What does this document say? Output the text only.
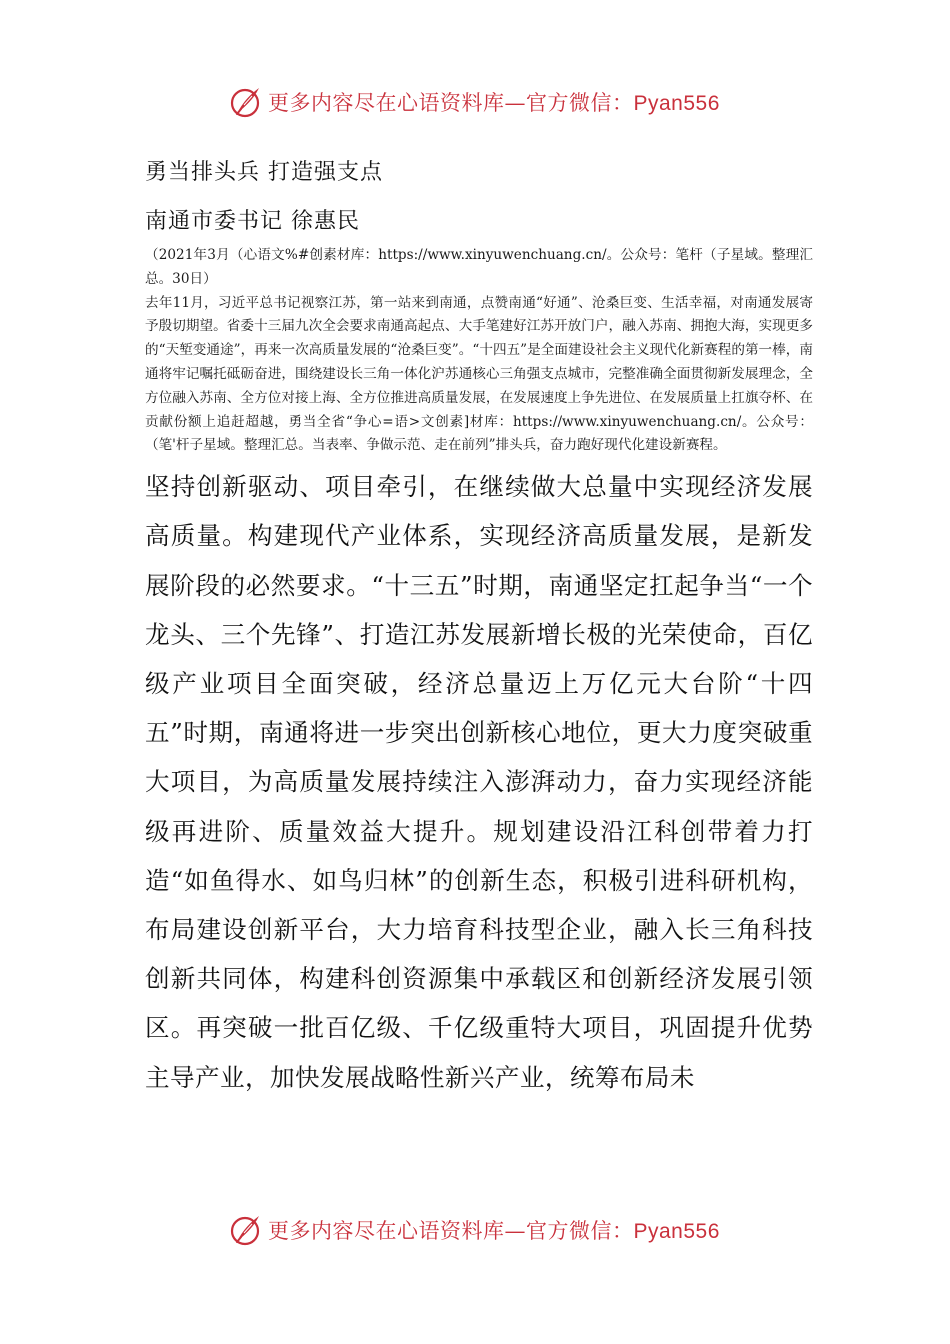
更多内容尽在心语资料库—官方微信：Pyan556
勇当排头兵 打造强支点
南通市委书记 徐惠民

（2021年3月（心语文%#创素材库：https://www.xinyuwenchuang.cn/。公众号：笔杆（子星域。整理汇总。30日）

去年11月，习近平总书记视察江苏，第一站来到南通，点赞南通“好通”、沧桑巨变、生活幸福，对南通发展寄予殷切期望。省委十三届九次全会要求南通高起点、大手笔建好江苏开放门户，融入苏南、拥抱大海，实现更多的“天堑变通途”，再来一次高质量发展的“沧桑巨变”。“十四五”是全面建设社会主义现代化新赛程的第一棒，南通将牢记嘱托砥砺奋进，围绕建设长三角一体化沪苏通核心三角强支点城市，完整准确全面贯彻新发展理念，全方位融入苏南、全方位对接上海、全方位推进高质量发展，在发展速度上争先进位、在发展质量上扛旗夺杯、在贡献份额上追赶超越，勇当全省“争心=语>文创素]材库：https://www.xinyuwenchuang.cn/。公众号：（笔'杆子星域。整理汇总。当表率、争做示范、走在前列”排头兵，奋力跑好现代化建设新赛程。

坚持创新驱动、项目牵引，在继续做大总量中实现经济发展高质量。构建现代产业体系，实现经济高质量发展，是新发展阶段的必然要求。“十三五”时期，南通坚定扛起争当“一个龙头、三个先锋”、打造江苏发展新增长极的光荣使命，百亿级产业项目全面突破，经济总量迈上万亿元大台阶“十四五”时期，南通将进一步突出创新核心地位，更大力度突破重大项目，为高质量发展持续注入澎湃动力，奋力实现经济能级再进阶、质量效益大提升。规划建设沿江科创带着力打造“如鱼得水、如鸟归林”的创新生态，积极引进科研机构，布局建设创新平台，大力培育科技型企业，融入长三角科技创新共同体，构建科创资源集中承载区和创新经济发展引领区。再突破一批百亿级、千亿级重特大项目，巩固提升优势主导产业，加快发展战略性新兴产业，统筹布局未

更多内容尽在心语资料库—官方微信：Pyan556
